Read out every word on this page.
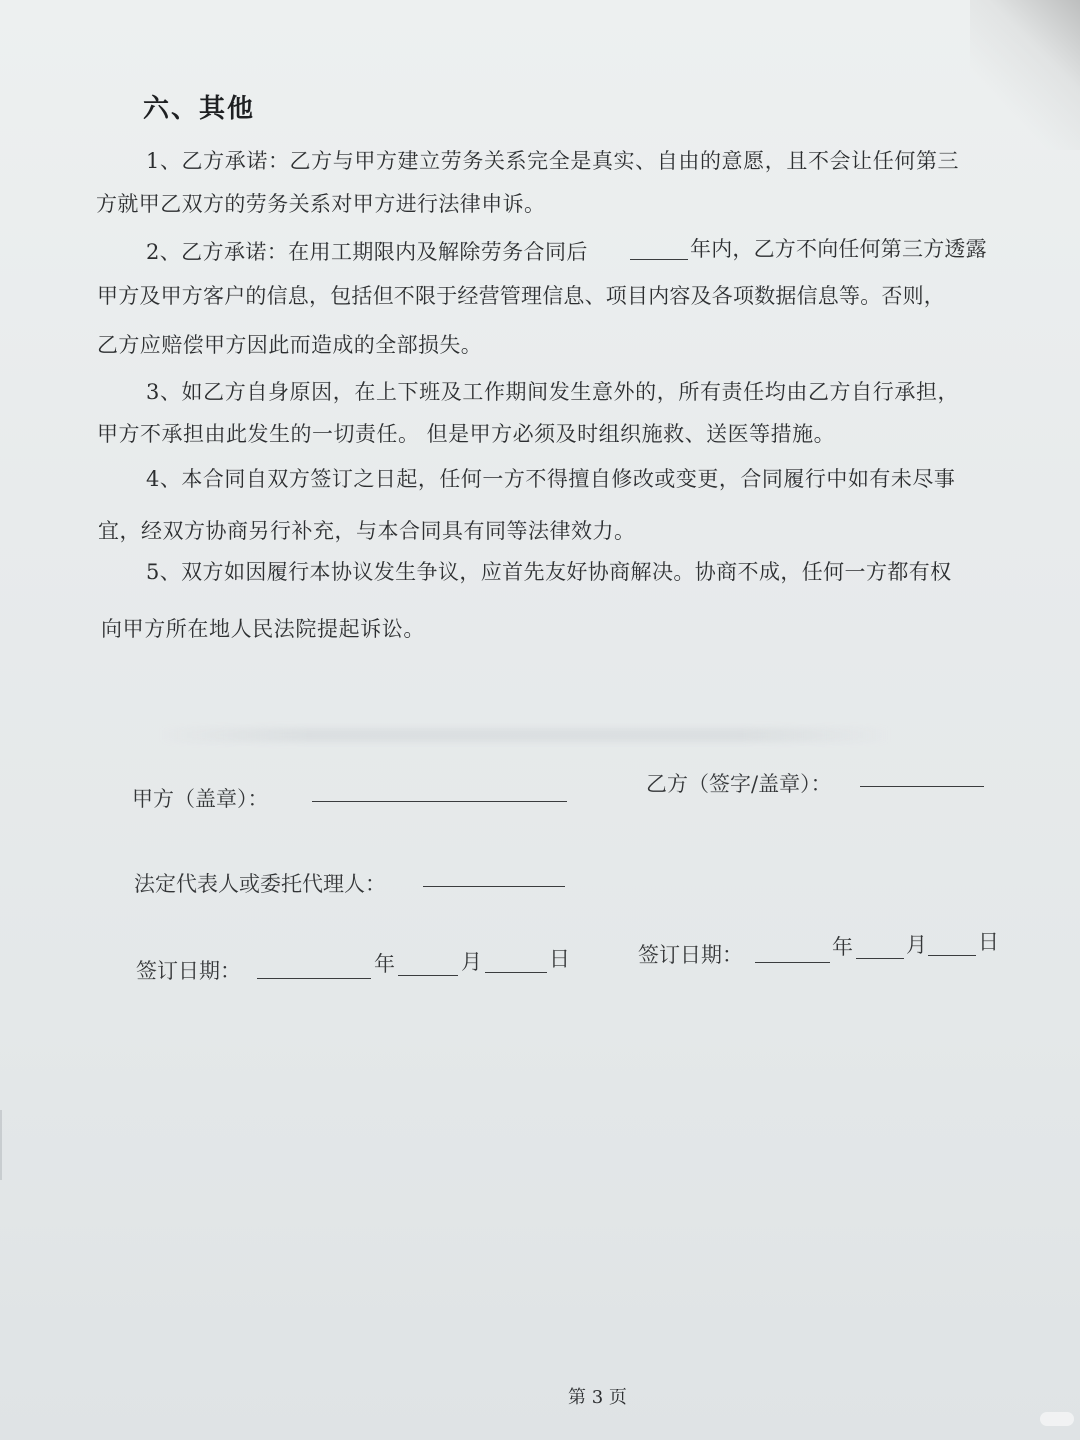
六、其他
1、乙方承诺：乙方与甲方建立劳务关系完全是真实、自由的意愿，且不会让任何第三
方就甲乙双方的劳务关系对甲方进行法律申诉。
2、乙方承诺：在用工期限内及解除劳务合同后	年内，乙方不向任何第三方透露
甲方及甲方客户的信息，包括但不限于经营管理信息、项目内容及各项数据信息等。否则，
乙方应赔偿甲方因此而造成的全部损失。
3、如乙方自身原因，在上下班及工作期间发生意外的，所有责任均由乙方自行承担，
甲方不承担由此发生的一切责任。 但是甲方必须及时组织施救、送医等措施。
4、本合同自双方签订之日起，任何一方不得擅自修改或变更，合同履行中如有未尽事
宜，经双方协商另行补充，与本合同具有同等法律效力。
5、双方如因履行本协议发生争议，应首先友好协商解决。协商不成，任何一方都有权
向甲方所在地人民法院提起诉讼。
甲方（盖章）：
乙方（签字/盖章）：
法定代表人或委托代理人：
签订日期：	年	月	日	签订日期：	年	月 日
第 3 页
